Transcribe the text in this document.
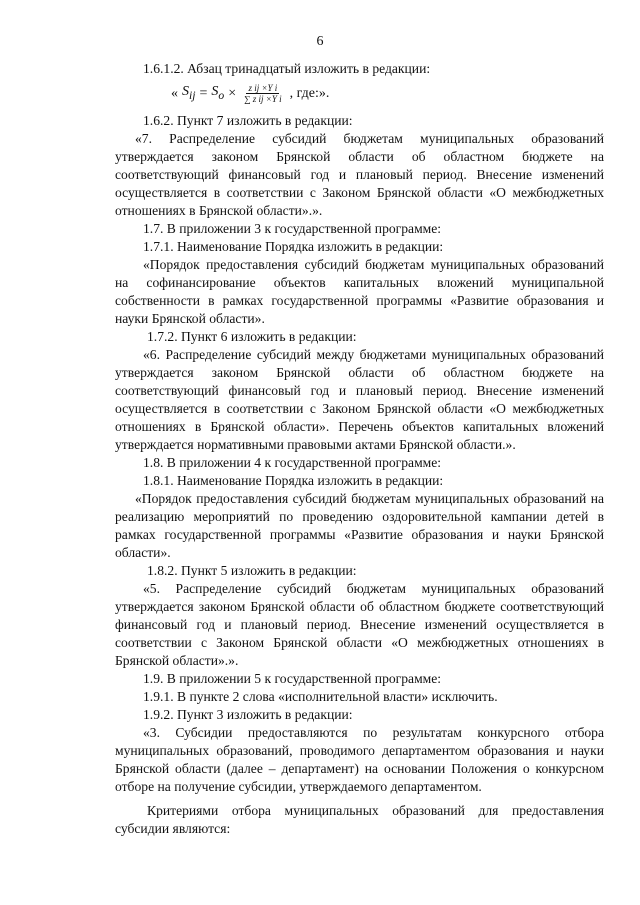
6

1.6.1.2. Абзац тринадцатый изложить в редакции:

« $S_{ij} = S_o \times \frac{\text{z ij ×Y i}}{\text{∑ z ij ×Y i}}$ , где:».

1.6.2. Пункт 7 изложить в редакции:

«7. Распределение субсидий бюджетам муниципальных образований утверждается законом Брянской области об областном бюджете на соответствующий финансовый год и плановый период. Внесение изменений осуществляется в соответствии с Законом Брянской области «О межбюджетных отношениях в Брянской области».».

1.7. В приложении 3 к государственной программе:

1.7.1. Наименование Порядка изложить в редакции:

«Порядок предоставления субсидий бюджетам муниципальных образований на софинансирование объектов капитальных вложений муниципальной собственности в рамках государственной программы «Развитие образования и науки Брянской области».

1.7.2. Пункт 6 изложить в редакции:

«6. Распределение субсидий между бюджетами муниципальных образований утверждается законом Брянской области об областном бюджете на соответствующий финансовый год и плановый период. Внесение изменений осуществляется в соответствии с Законом Брянской области «О межбюджетных отношениях в Брянской области». Перечень объектов капитальных вложений утверждается нормативными правовыми актами Брянской области.».

1.8. В приложении 4 к государственной программе:

1.8.1. Наименование Порядка изложить в редакции:

«Порядок предоставления субсидий бюджетам муниципальных образований на реализацию мероприятий по проведению оздоровительной кампании детей в рамках государственной программы «Развитие образования и науки Брянской области».

1.8.2. Пункт 5 изложить в редакции:

«5. Распределение субсидий бюджетам муниципальных образований утверждается законом Брянской области об областном бюджете соответствующий финансовый год и плановый период. Внесение изменений осуществляется в соответствии с Законом Брянской области «О межбюджетных отношениях в Брянской области».».

1.9. В приложении 5 к государственной программе:

1.9.1. В пункте 2 слова «исполнительной власти» исключить.

1.9.2. Пункт 3 изложить в редакции:

«3. Субсидии предоставляются по результатам конкурсного отбора муниципальных образований, проводимого департаментом образования и науки Брянской области (далее – департамент) на основании Положения о конкурсном отборе на получение субсидии, утверждаемого департаментом.

Критериями отбора муниципальных образований для предоставления субсидии являются:
